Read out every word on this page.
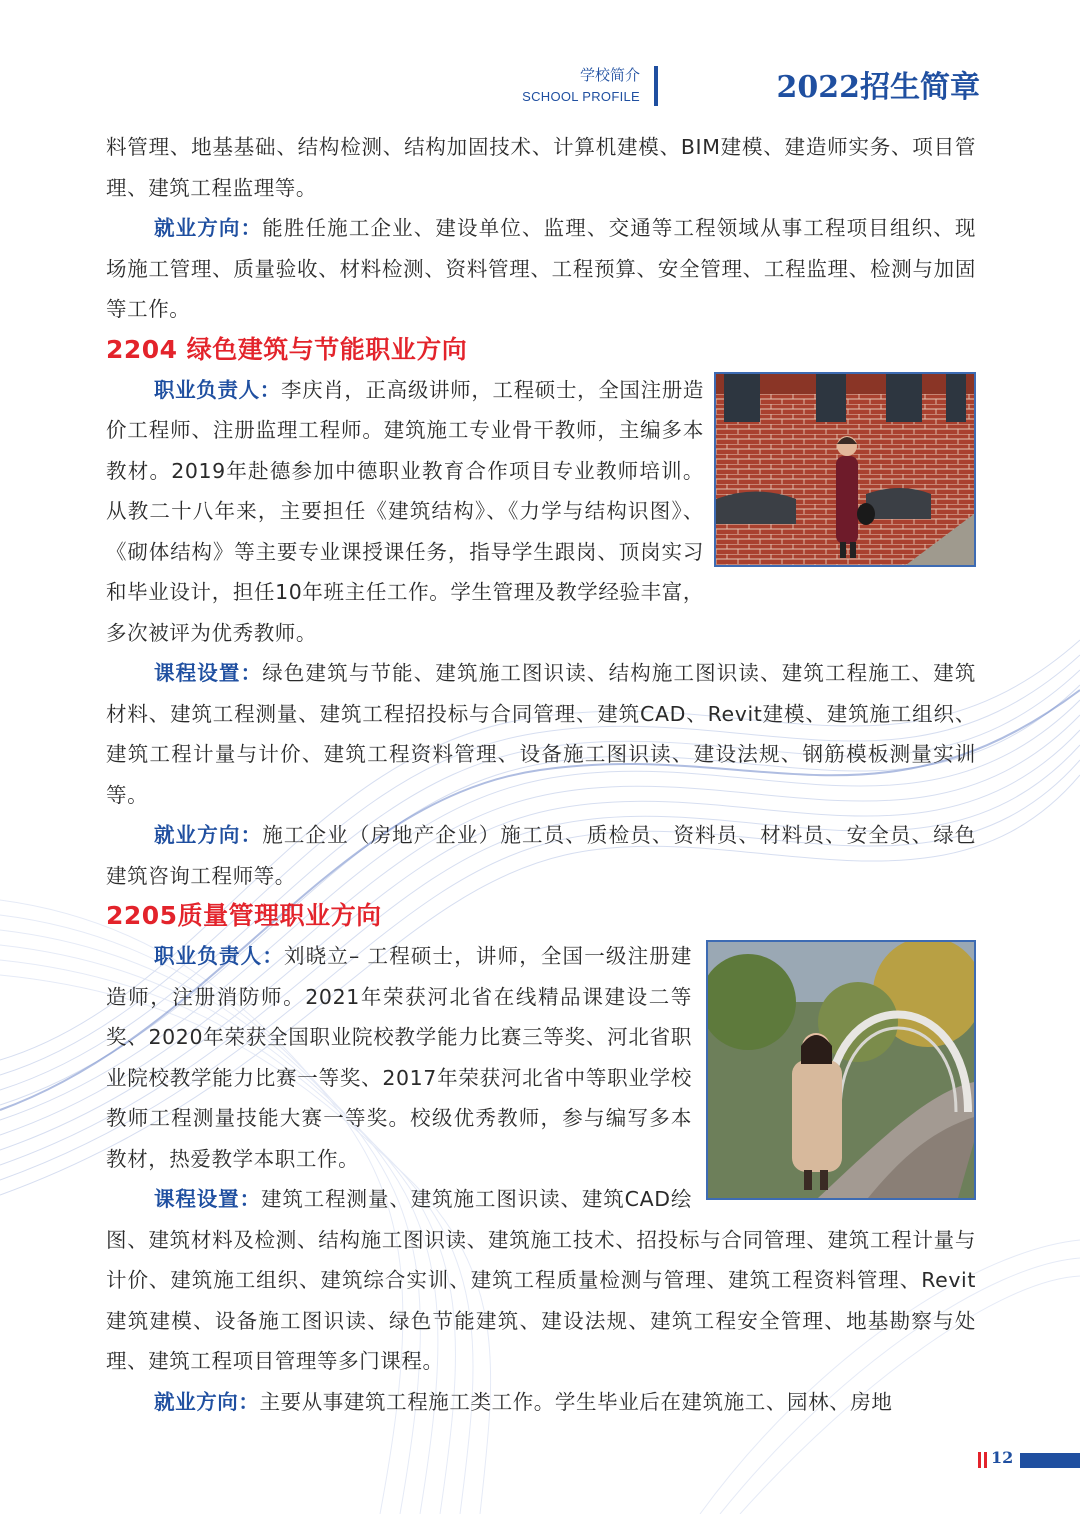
学校简介
SCHOOL PROFILE	2022招生简章

料管理、地基基础、结构检测、结构加固技术、计算机建模、BIM建模、建造师实务、项目管理、建筑工程监理等。

就业方向：能胜任施工企业、建设单位、监理、交通等工程领域从事工程项目组织、现场施工管理、质量验收、材料检测、资料管理、工程预算、安全管理、工程监理、检测与加固等工作。

2204 绿色建筑与节能职业方向

职业负责人：李庆肖，正高级讲师，工程硕士，全国注册造价工程师、注册监理工程师。建筑施工专业骨干教师，主编多本教材。2019年赴德参加中德职业教育合作项目专业教师培训。从教二十八年来，主要担任《建筑结构》、《力学与结构识图》、《砌体结构》等主要专业课授课任务，指导学生跟岗、顶岗实习和毕业设计，担任10年班主任工作。学生管理及教学经验丰富，多次被评为优秀教师。

课程设置：绿色建筑与节能、建筑施工图识读、结构施工图识读、建筑工程施工、建筑材料、建筑工程测量、建筑工程招投标与合同管理、建筑CAD、Revit建模、建筑施工组织、建筑工程计量与计价、建筑工程资料管理、设备施工图识读、建设法规、钢筋模板测量实训等。

就业方向：施工企业（房地产企业）施工员、质检员、资料员、材料员、安全员、绿色建筑咨询工程师等。

2205质量管理职业方向

职业负责人：刘晓立– 工程硕士，讲师，全国一级注册建造师，注册消防师。2021年荣获河北省在线精品课建设二等奖、2020年荣获全国职业院校教学能力比赛三等奖、河北省职业院校教学能力比赛一等奖、2017年荣获河北省中等职业学校教师工程测量技能大赛一等奖。校级优秀教师，参与编写多本教材，热爱教学本职工作。

课程设置：建筑工程测量、建筑施工图识读、建筑CAD绘图、建筑材料及检测、结构施工图识读、建筑施工技术、招投标与合同管理、建筑工程计量与计价、建筑施工组织、建筑综合实训、建筑工程质量检测与管理、建筑工程资料管理、Revit建筑建模、设备施工图识读、绿色节能建筑、建设法规、建筑工程安全管理、地基勘察与处理、建筑工程项目管理等多门课程。

就业方向：主要从事建筑工程施工类工作。学生毕业后在建筑施工、园林、房地

12
